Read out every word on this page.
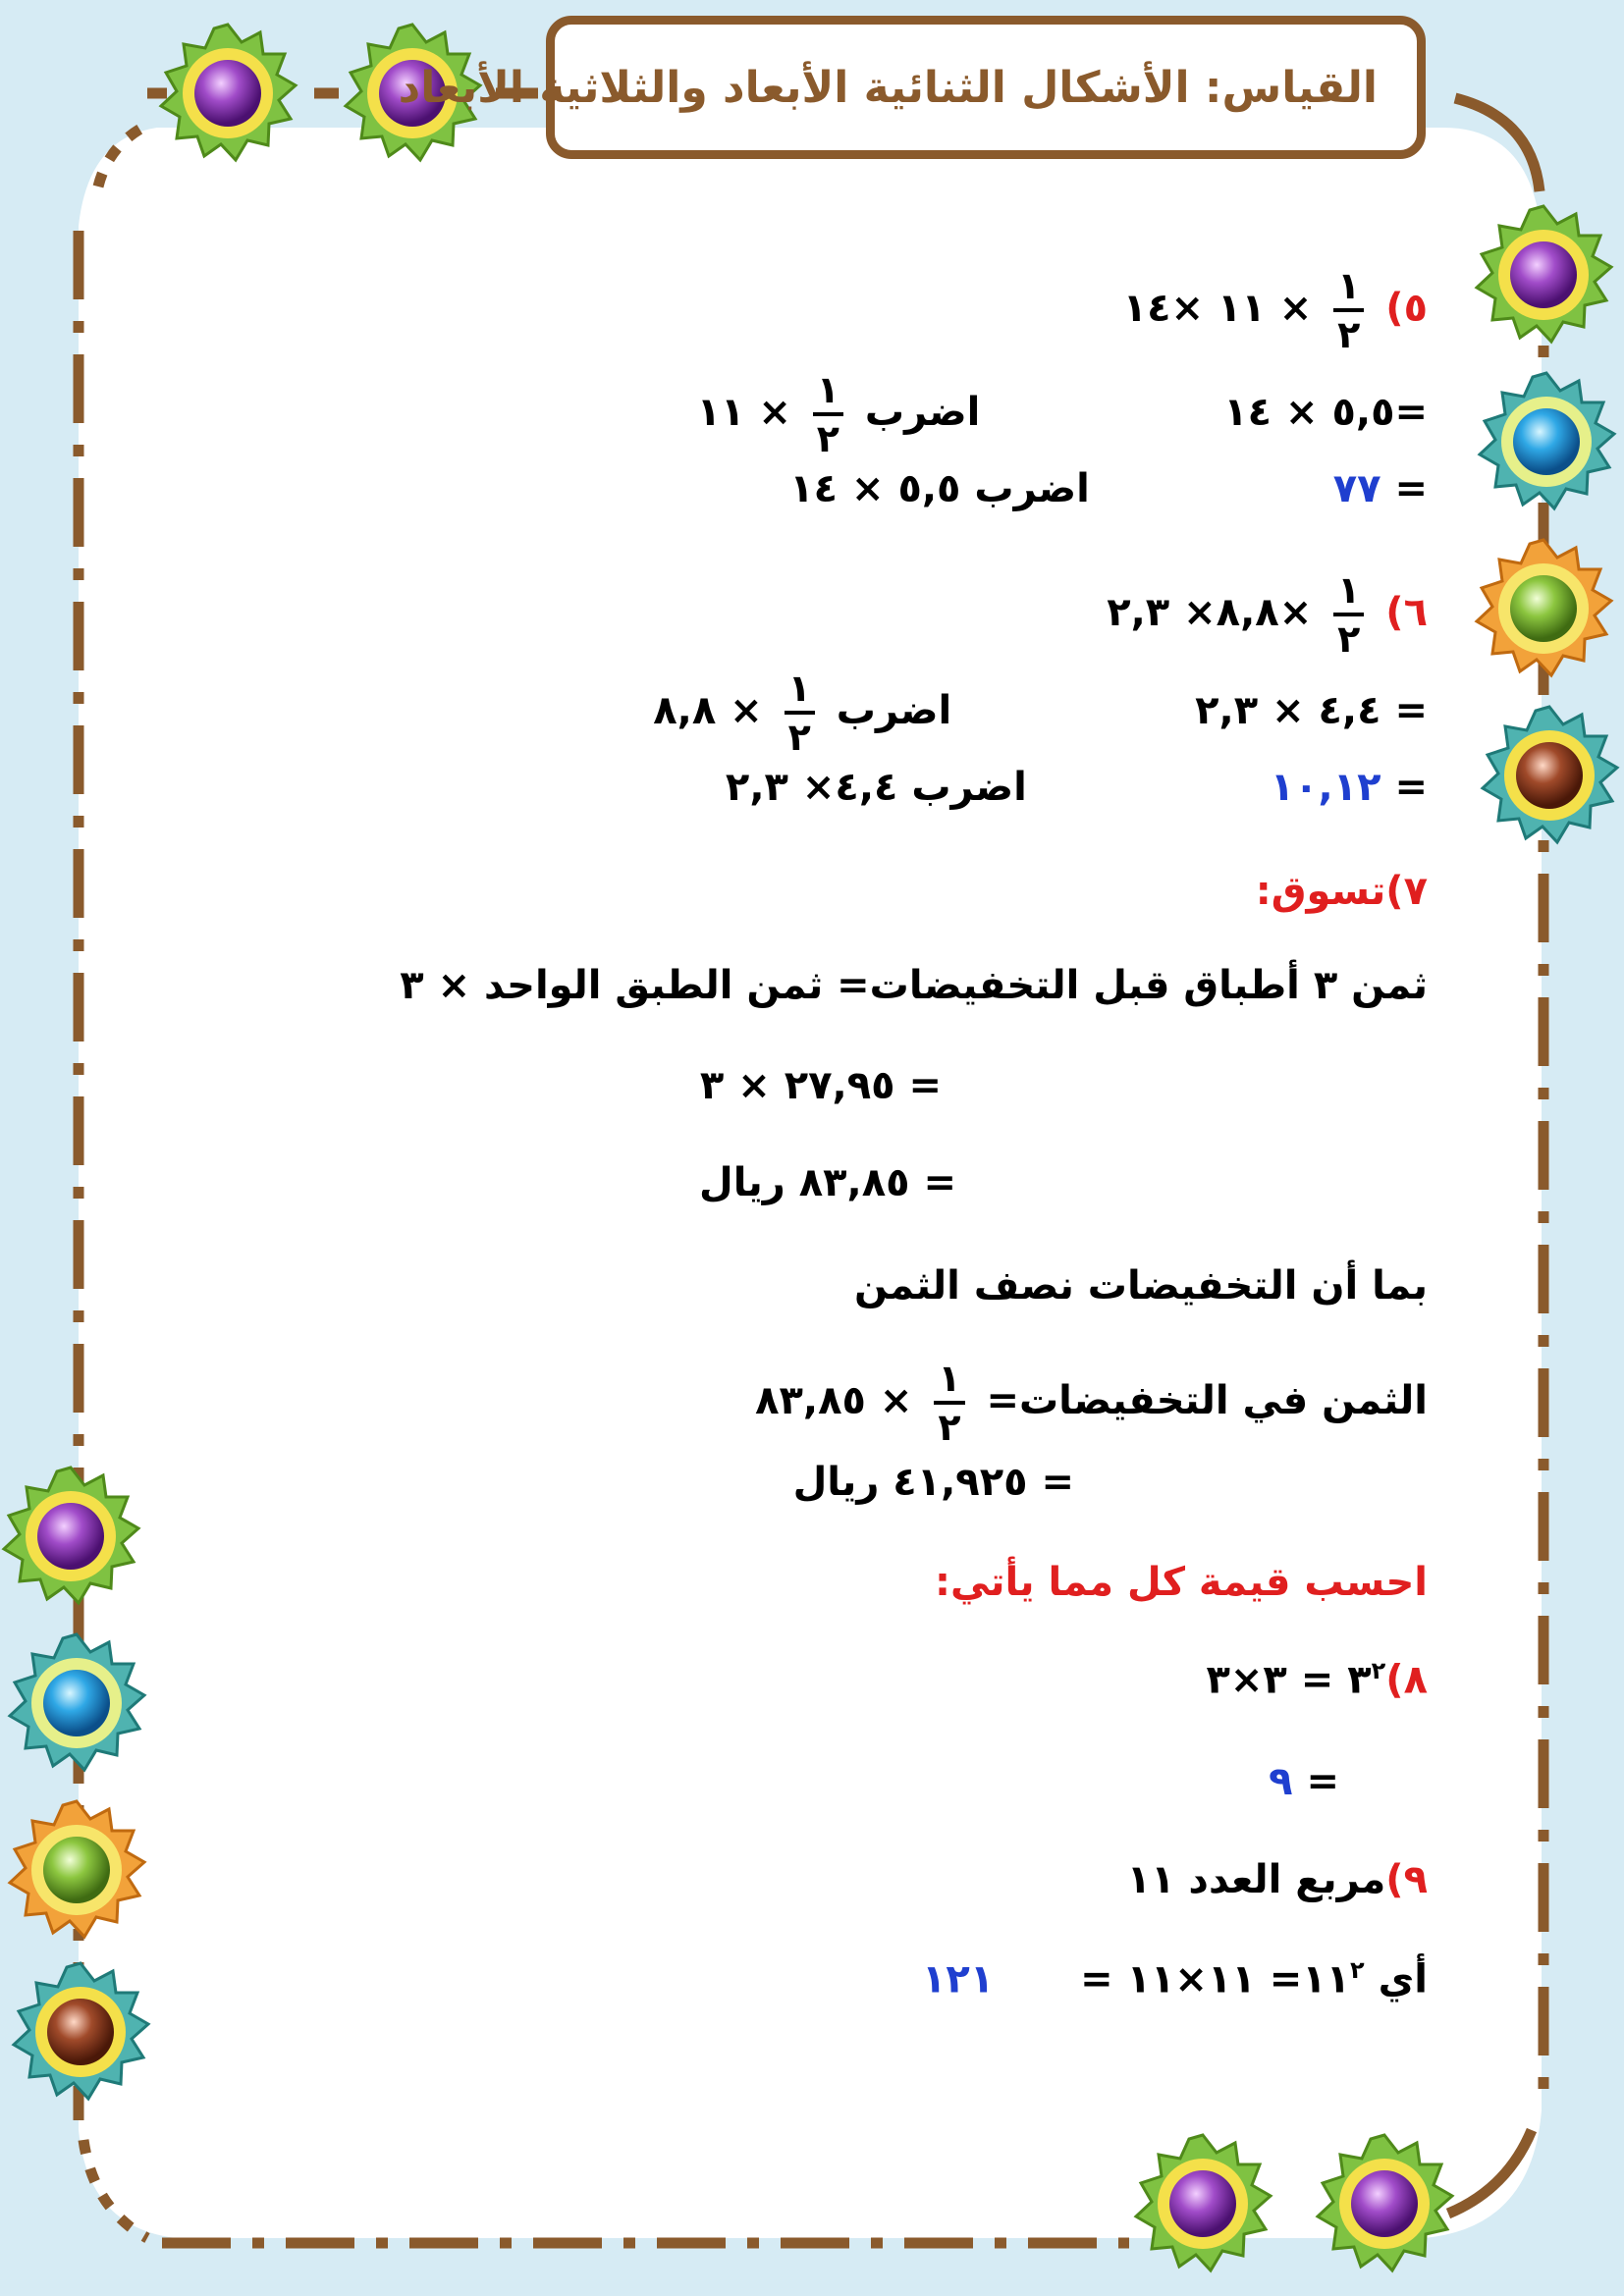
القياس: الأشكال الثنائية الأبعاد والثلاثية الأبعاد
٥)
$\frac{١}{٢}$
× ١١ ×١٤
=٥,٥ × ١٤  اضرب
$\frac{١}{٢}$
× ١١
= ٧٧  اضرب ٥,٥ × ١٤
٦)
$\frac{١}{٢}$
×٨,٨× ٢,٣
= ٤,٤ × ٢,٣  اضرب
$\frac{١}{٢}$
× ٨,٨
= ١٠,١٢  اضرب ٤,٤× ٢,٣
٧)تسوق:
ثمن ٣ أطباق قبل التخفيضات= ثمن الطبق الواحد × ٣
= ٢٧,٩٥ × ٣
= ٨٣,٨٥ ريال
بما أن التخفيضات نصف الثمن
الثمن في التخفيضات=
$\frac{١}{٢}$
× ٨٣,٨٥
= ٤١,٩٢٥ ريال
احسب قيمة كل مما يأتي:
$٨)٣^٢$ = ٣×٣
= ٩
٩)مربع العدد ١١
أي $١١^٢=$ ١١×١١ =  ١٢١
